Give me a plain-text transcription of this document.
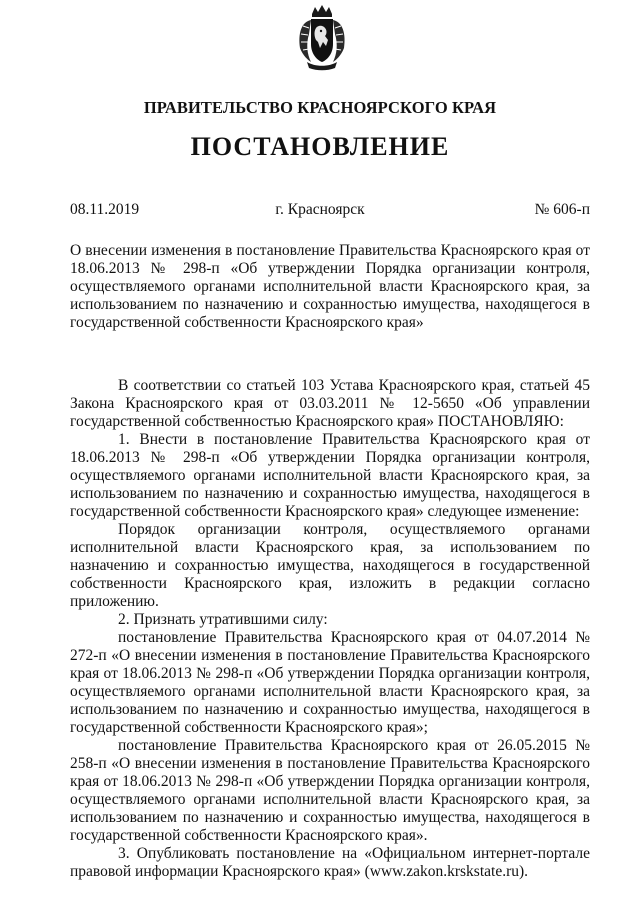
ПРАВИТЕЛЬСТВО КРАСНОЯРСКОГО КРАЯ
ПОСТАНОВЛЕНИЕ
08.11.2019	г. Красноярск	№ 606-п
О внесении изменения в постановление Правительства Красноярского края от 18.06.2013 № 298-п «Об утверждении Порядка организации контроля, осуществляемого органами исполнительной власти Красноярского края, за использованием по назначению и сохранностью имущества, находящегося в государственной собственности Красноярского края»

В соответствии со статьей 103 Устава Красноярского края, статьей 45 Закона Красноярского края от 03.03.2011 № 12-5650 «Об управлении государственной собственностью Красноярского края» ПОСТАНОВЛЯЮ:

1. Внести в постановление Правительства Красноярского края от 18.06.2013 № 298-п «Об утверждении Порядка организации контроля, осуществляемого органами исполнительной власти Красноярского края, за использованием по назначению и сохранностью имущества, находящегося в государственной собственности Красноярского края» следующее изменение:

Порядок организации контроля, осуществляемого органами исполнительной власти Красноярского края, за использованием по назначению и сохранностью имущества, находящегося в государственной собственности Красноярского края, изложить в редакции согласно приложению.

2. Признать утратившими силу:

постановление Правительства Красноярского края от 04.07.2014 № 272-п «О внесении изменения в постановление Правительства Красноярского края от 18.06.2013 № 298-п «Об утверждении Порядка организации контроля, осуществляемого органами исполнительной власти Красноярского края, за использованием по назначению и сохранностью имущества, находящегося в государственной собственности Красноярского края»;

постановление Правительства Красноярского края от 26.05.2015 № 258-п «О внесении изменения в постановление Правительства Красноярского края от 18.06.2013 № 298-п «Об утверждении Порядка организации контроля, осуществляемого органами исполнительной власти Красноярского края, за использованием по назначению и сохранностью имущества, находящегося в государственной собственности Красноярского края».

3. Опубликовать постановление на «Официальном интернет-портале правовой информации Красноярского края» (www.zakon.krskstate.ru).
